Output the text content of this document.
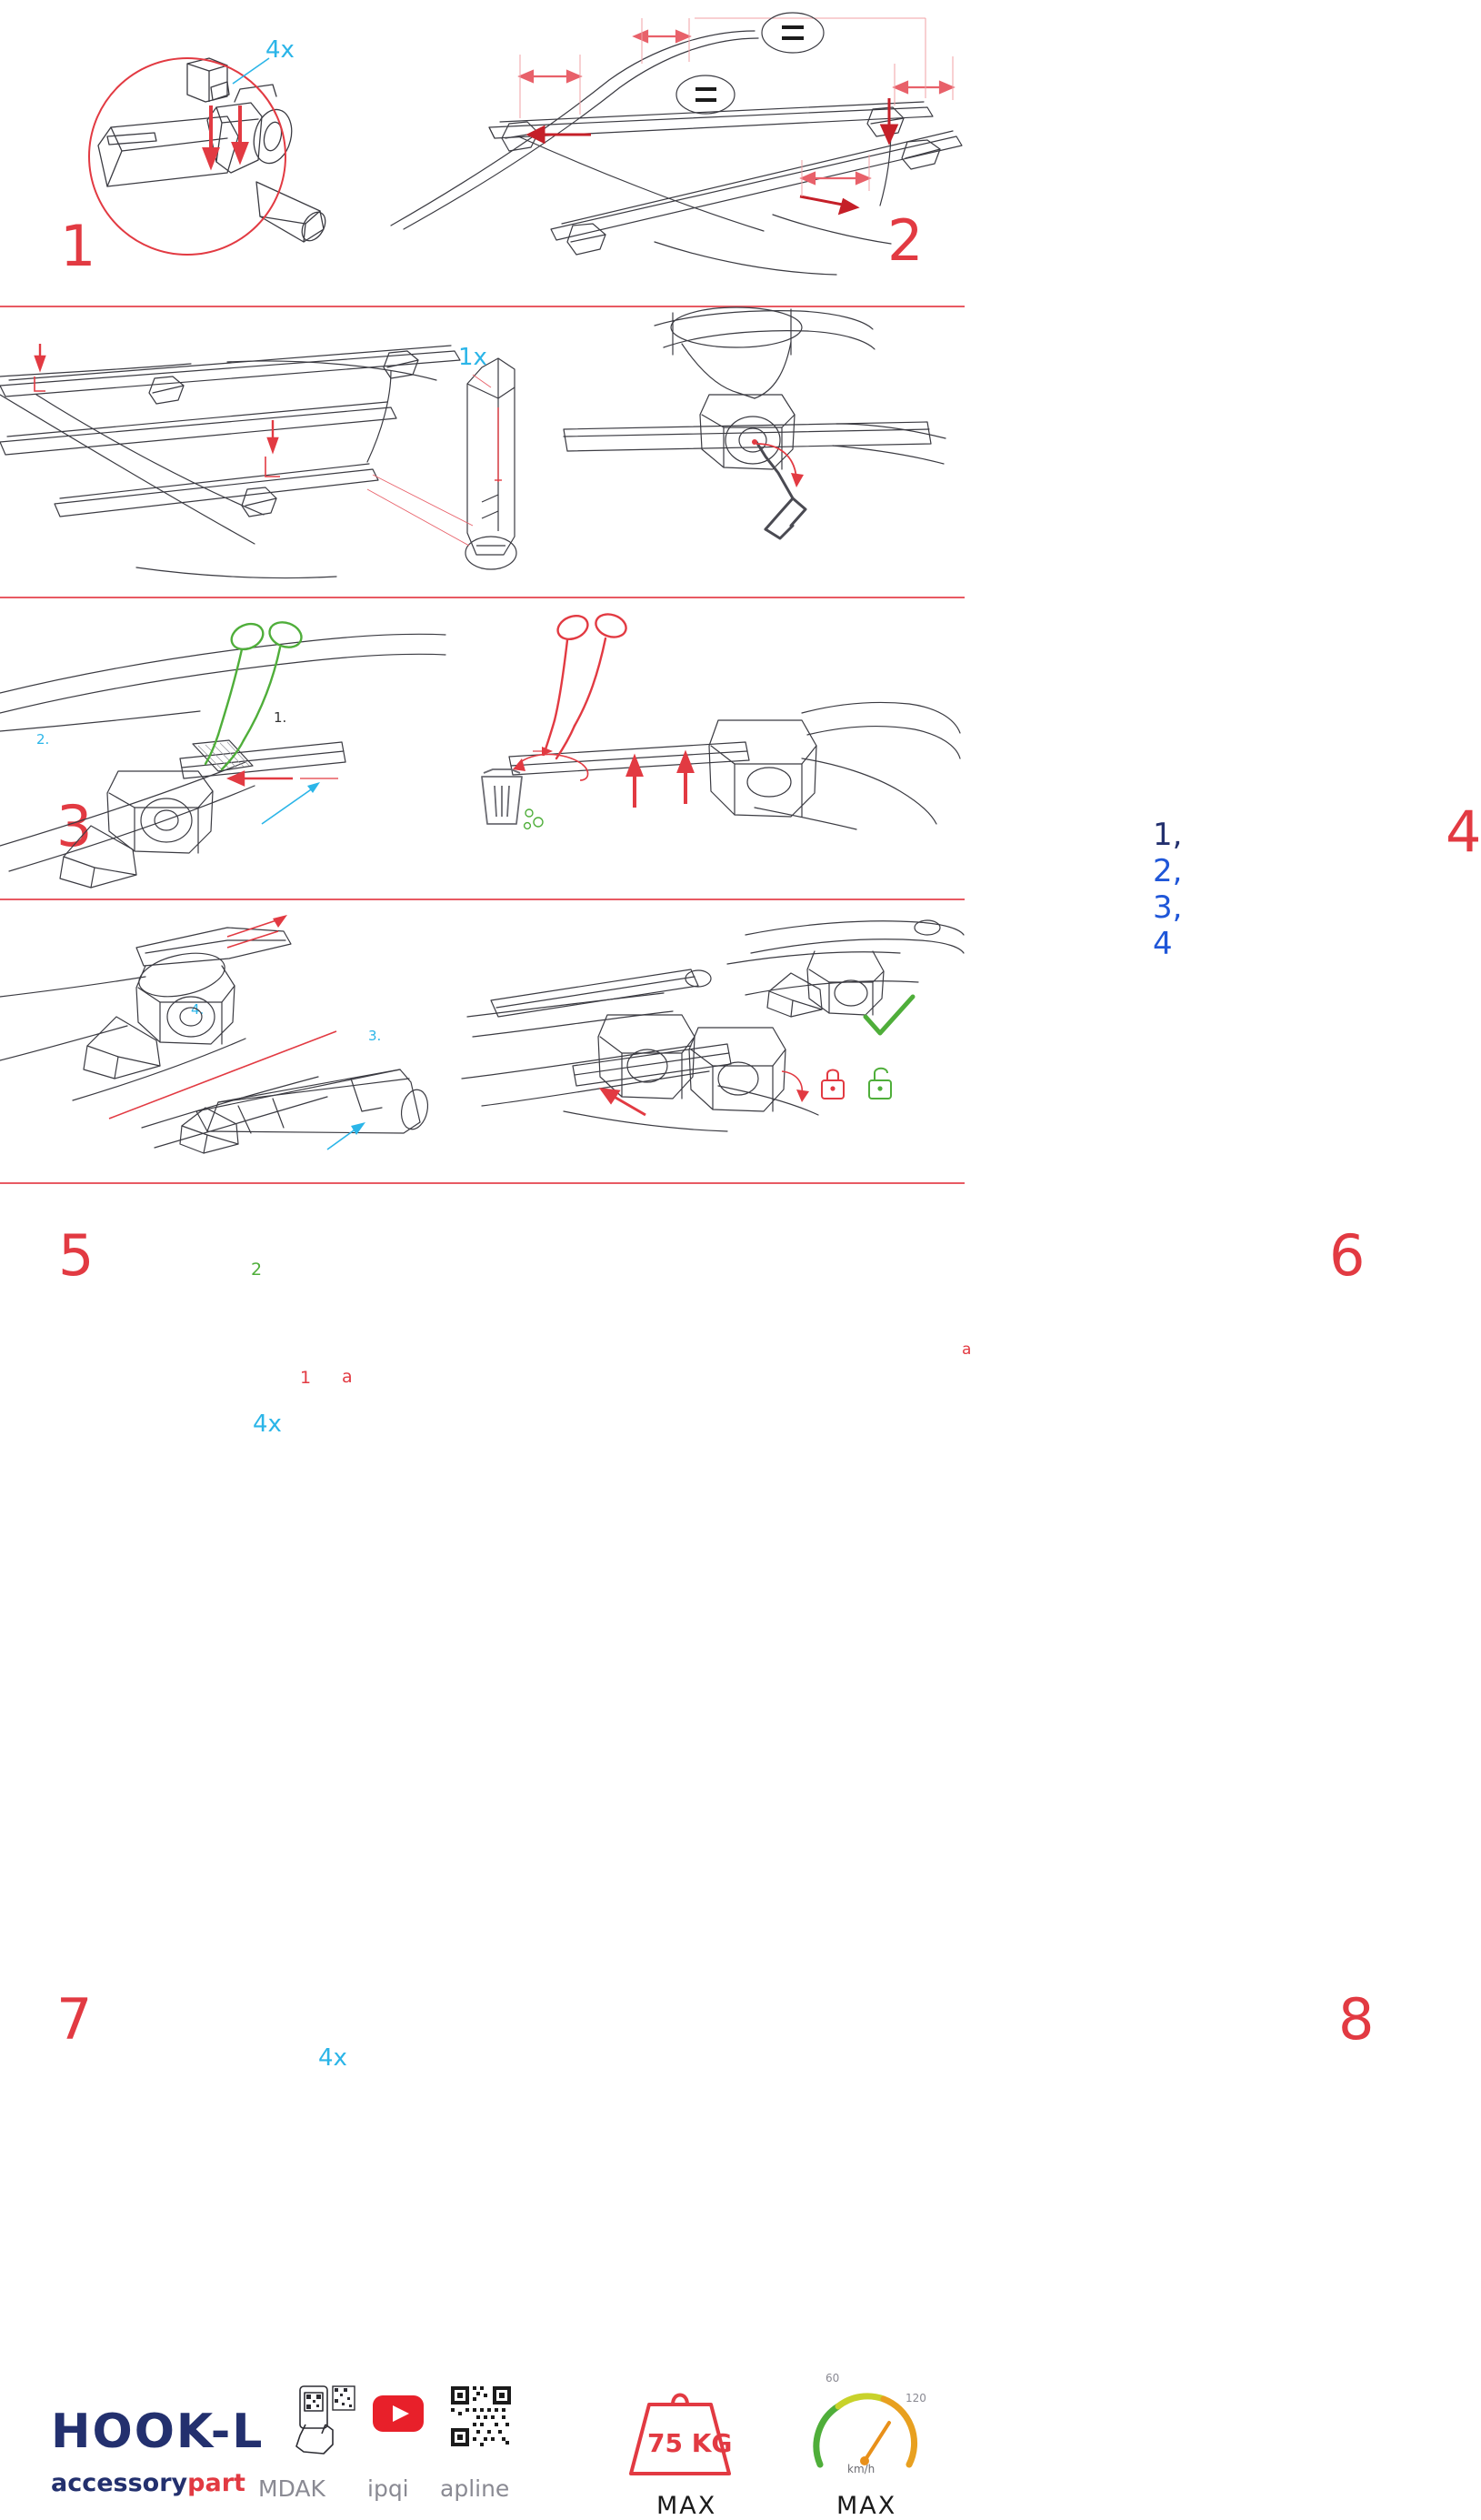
4x
1	2
1.
2.
3.
4.
3
1x
1, 2, 3, 4
4
1
2
a
4x
5
a
6
4x
7	8
HOOK-L
accessorypart MDAK ipqi apline
75 KG
MAX
60
120
km/h
MAX
